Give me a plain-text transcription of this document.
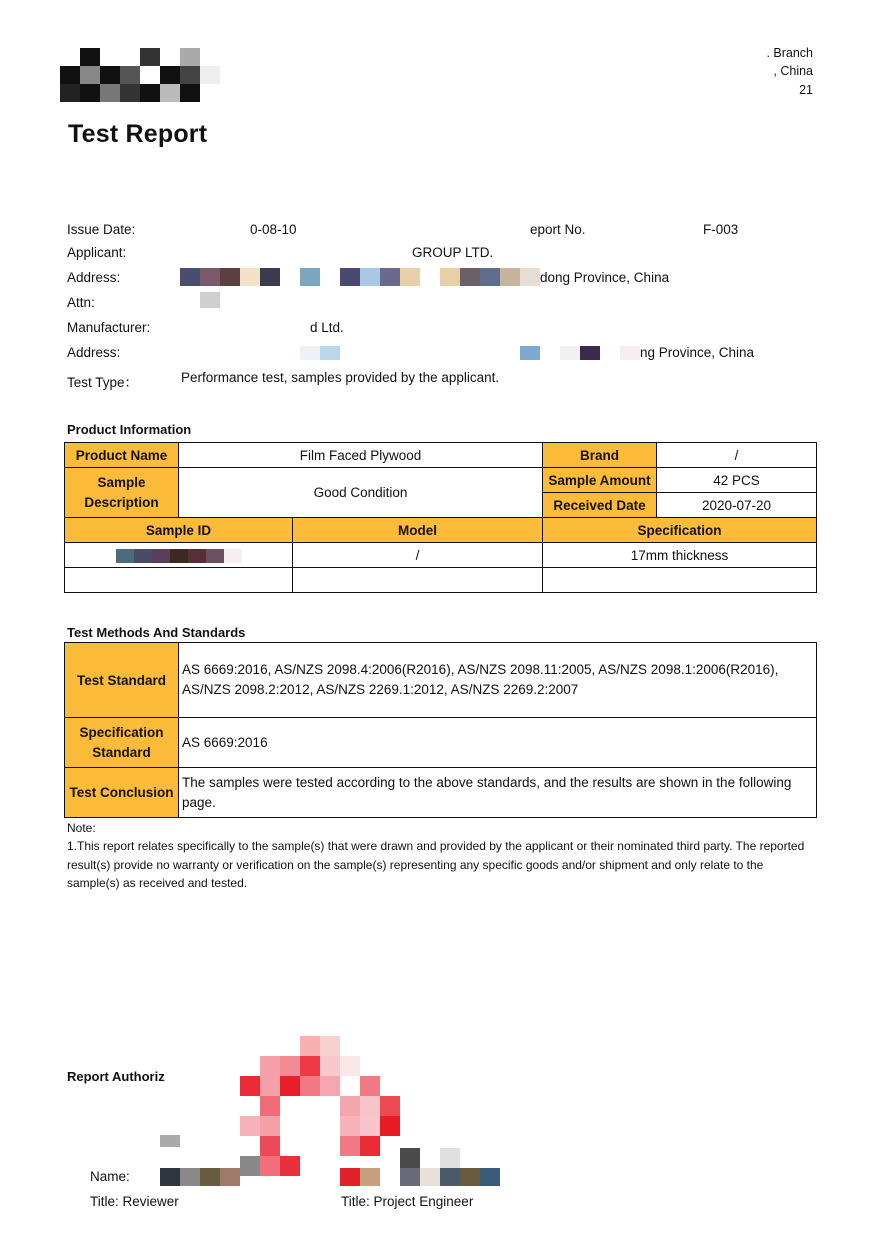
. Branch
, China
21
Test Report
Issue Date:	0-08-10	eport No.	F-003
Applicant:	GROUP LTD.
Address:	dong Province, China
Attn:
Manufacturer:	d Ltd.
Address:	ng Province, China
Test Type：	Performance test, samples provided by the applicant.
Product Information
Product Name	Film Faced Plywood		Brand	/
Sample Description	Good Condition		Sample Amount	42 PCS
			Received Date	2020-07-20
Sample ID		Model	Specification	

		/	17mm thickness	

Test Methods And Standards
Test Standard	AS 6669:2016, AS/NZS 2098.4:2006(R2016), AS/NZS 2098.11:2005, AS/NZS 2098.1:2006(R2016), AS/NZS 2098.2:2012, AS/NZS 2269.1:2012, AS/NZS 2269.2:2007
Specification Standard	AS 6669:2016
Test Conclusion	The samples were tested according to the above standards, and the results are shown in the following page.
Note:
1.This report relates specifically to the sample(s) that were drawn and provided by the applicant or their nominated third party. The reported result(s) provide no warranty or verification on the sample(s) representing any specific goods and/or shipment and only relate to the sample(s) as received and tested.
Report Authoriz
Name:
Title: Reviewer	Title: Project Engineer
